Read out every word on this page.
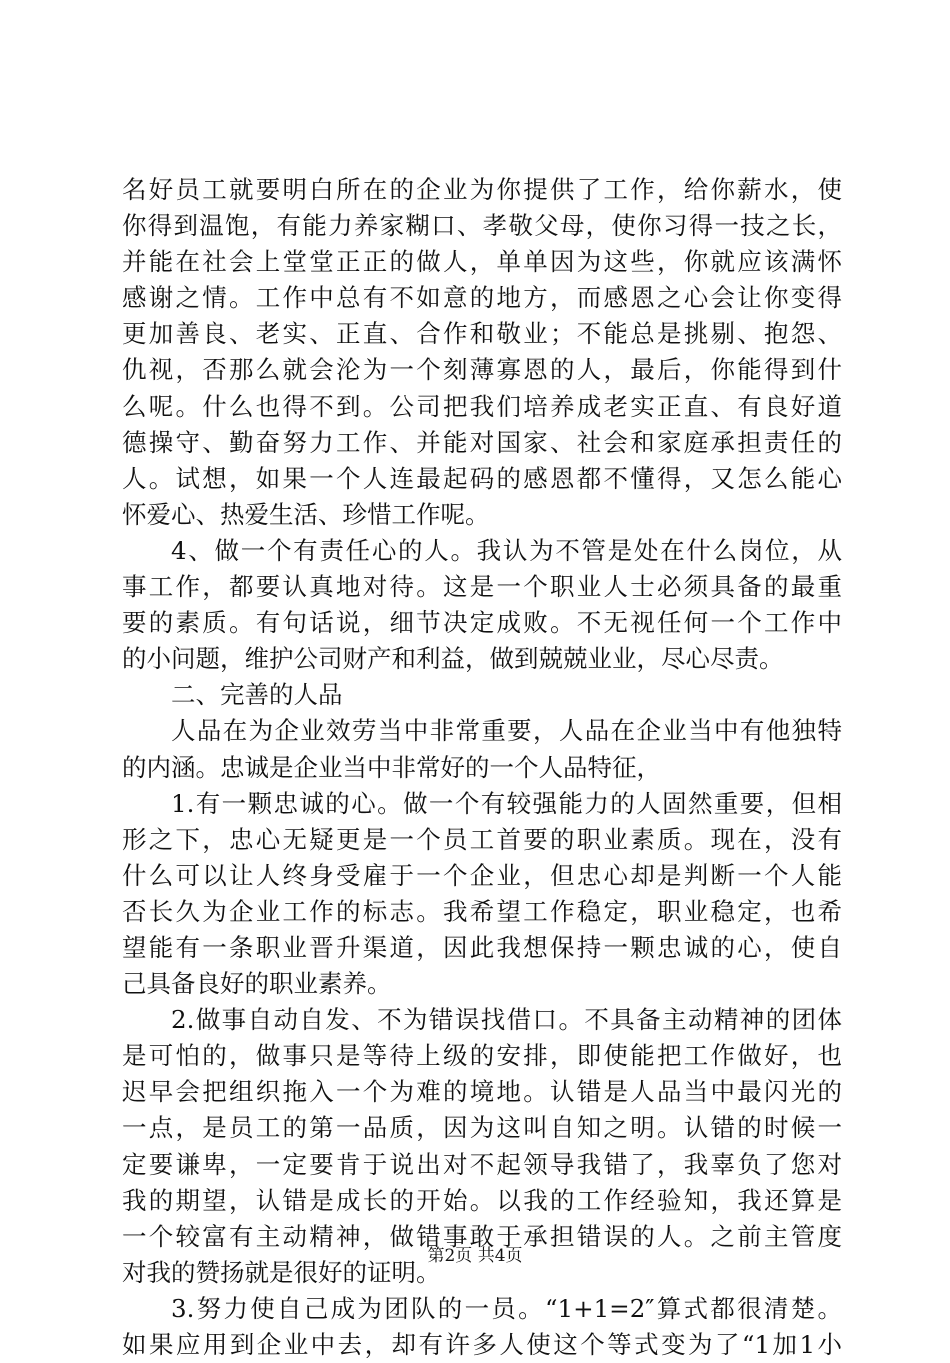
名好员工就要明白所在的企业为你提供了工作，给你薪水，使
你得到温饱，有能力养家糊口、孝敬父母，使你习得一技之长，
并能在社会上堂堂正正的做人，单单因为这些，你就应该满怀
感谢之情。工作中总有不如意的地方，而感恩之心会让你变得
更加善良、老实、正直、合作和敬业；不能总是挑剔、抱怨、
仇视，否那么就会沦为一个刻薄寡恩的人，最后，你能得到什
么呢。什么也得不到。公司把我们培养成老实正直、有良好道
德操守、勤奋努力工作、并能对国家、社会和家庭承担责任的
人。试想，如果一个人连最起码的感恩都不懂得，又怎么能心
怀爱心、热爱生活、珍惜工作呢。
4、做一个有责任心的人。我认为不管是处在什么岗位，从
事工作，都要认真地对待。这是一个职业人士必须具备的最重
要的素质。有句话说，细节决定成败。不无视任何一个工作中
的小问题，维护公司财产和利益，做到兢兢业业，尽心尽责。
二、完善的人品
人品在为企业效劳当中非常重要，人品在企业当中有他独特
的内涵。忠诚是企业当中非常好的一个人品特征，
1.有一颗忠诚的心。做一个有较强能力的人固然重要，但相
形之下，忠心无疑更是一个员工首要的职业素质。现在，没有
什么可以让人终身受雇于一个企业，但忠心却是判断一个人能
否长久为企业工作的标志。我希望工作稳定，职业稳定，也希
望能有一条职业晋升渠道，因此我想保持一颗忠诚的心，使自
己具备良好的职业素养。
2.做事自动自发、不为错误找借口。不具备主动精神的团体
是可怕的，做事只是等待上级的安排，即使能把工作做好，也
迟早会把组织拖入一个为难的境地。认错是人品当中最闪光的
一点，是员工的第一品质，因为这叫自知之明。认错的时候一
定要谦卑，一定要肯于说出对不起领导我错了，我辜负了您对
我的期望，认错是成长的开始。以我的工作经验知，我还算是
一个较富有主动精神，做错事敢于承担错误的人。之前主管度
对我的赞扬就是很好的证明。
3.努力使自己成为团队的一员。“1+1=2″算式都很清楚。
如果应用到企业中去，却有许多人使这个等式变为了“1加1小
第2页 共4页
